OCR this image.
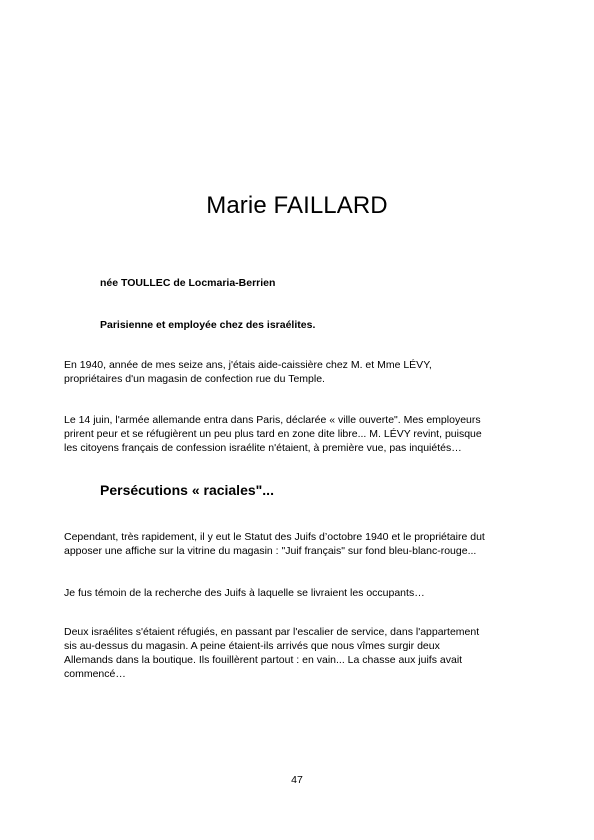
Marie FAILLARD

née TOULLEC de Locmaria-Berrien

Parisienne et employée chez des israélites.

En 1940, année de mes seize ans, j'étais aide-caissière chez M. et Mme LÉVY,
propriétaires d'un magasin de confection rue du Temple.

Le 14 juin, l'armée allemande entra dans Paris, déclarée « ville ouverte". Mes employeurs
prirent peur et se réfugièrent un peu plus tard en zone dite libre... M. LÉVY revint, puisque
les citoyens français de confession israélite n'étaient, à première vue, pas inquiétés…

Persécutions « raciales"...

Cependant, très rapidement, il y eut le Statut des Juifs d’octobre 1940 et le propriétaire dut
apposer une affiche sur la vitrine du magasin : "Juif français" sur fond bleu-blanc-rouge...

Je fus témoin de la recherche des Juifs à laquelle se livraient les occupants…

Deux israélites s'étaient réfugiés, en passant par l'escalier de service, dans l'appartement
sis au-dessus du magasin. A peine étaient-ils arrivés que nous vîmes surgir deux
Allemands dans la boutique. Ils fouillèrent partout : en vain... La chasse aux juifs avait
commencé…

47
